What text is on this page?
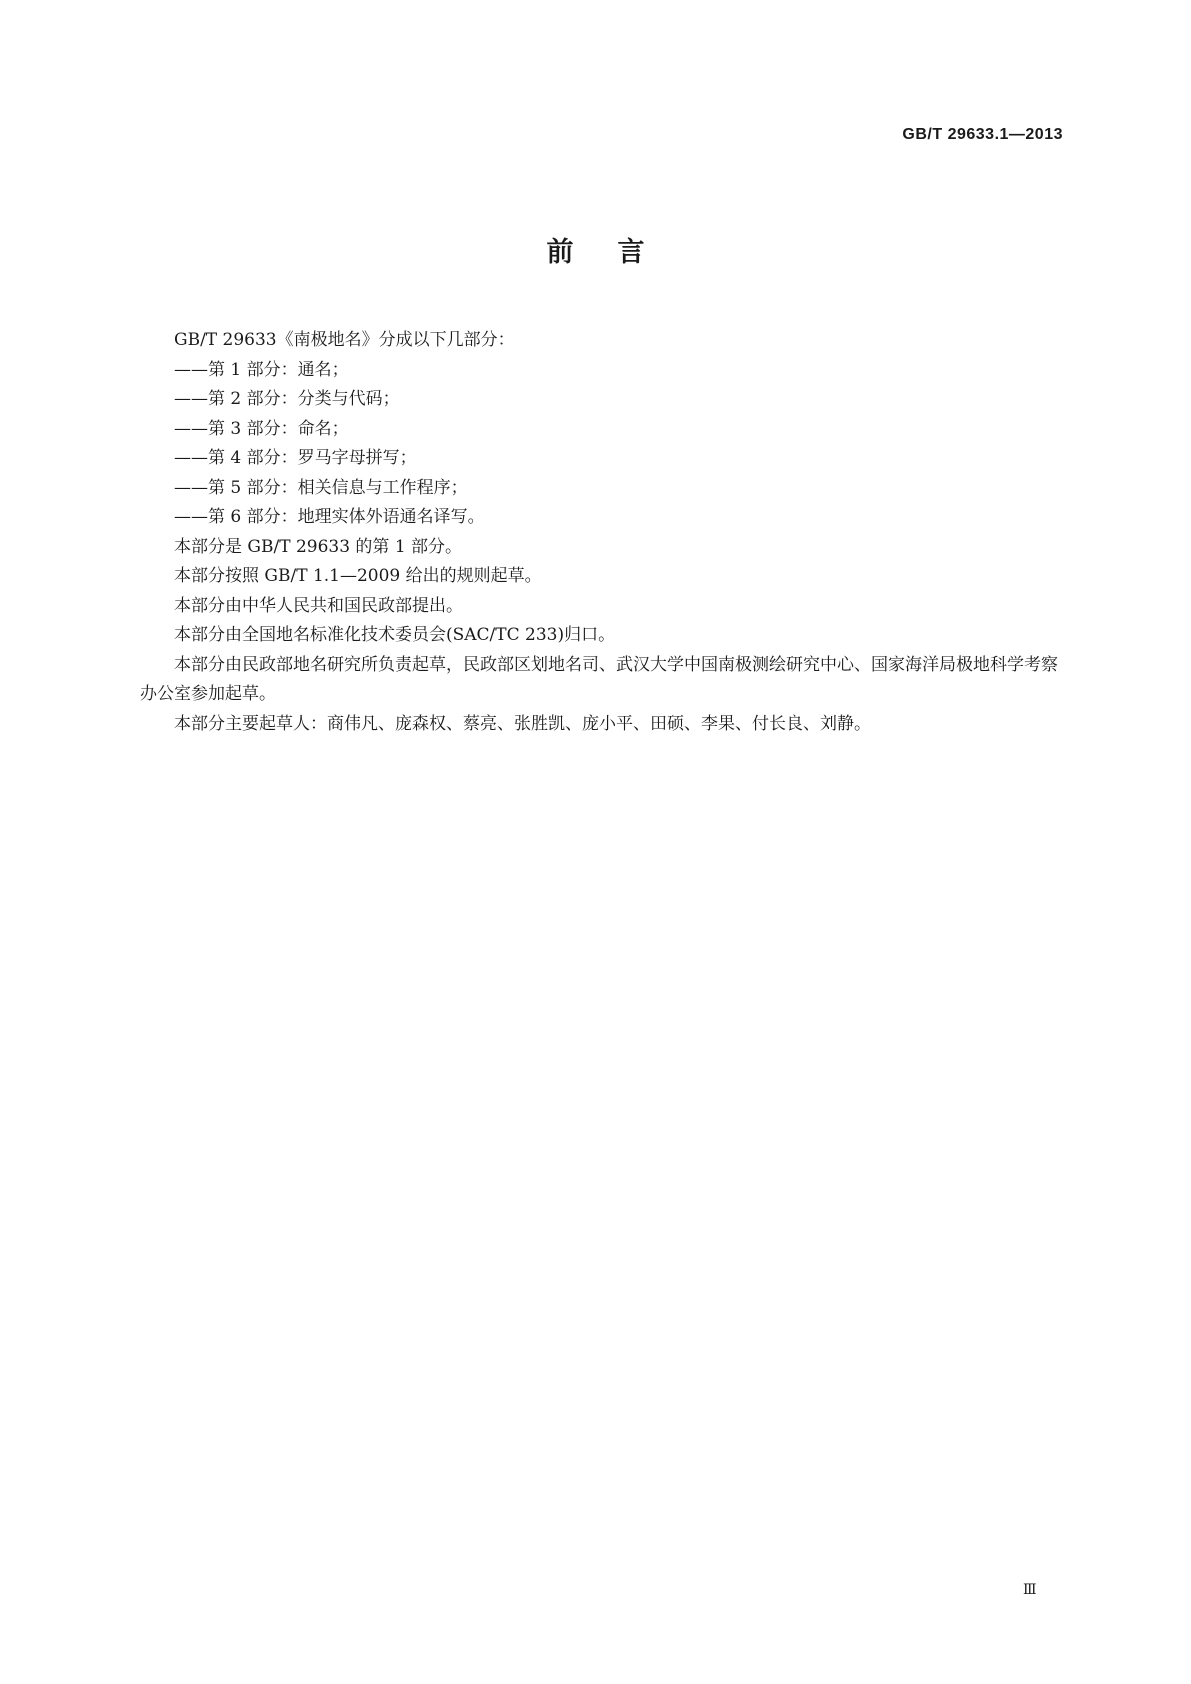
GB/T 29633.1—2013
前言

GB/T 29633《南极地名》分成以下几部分：

——第 1 部分：通名；

——第 2 部分：分类与代码；

——第 3 部分：命名；

——第 4 部分：罗马字母拼写；

——第 5 部分：相关信息与工作程序；

——第 6 部分：地理实体外语通名译写。

本部分是 GB/T 29633 的第 1 部分。

本部分按照 GB/T 1.1—2009 给出的规则起草。

本部分由中华人民共和国民政部提出。

本部分由全国地名标准化技术委员会(SAC/TC 233)归口。

本部分由民政部地名研究所负责起草，民政部区划地名司、武汉大学中国南极测绘研究中心、国家海洋局极地科学考察办公室参加起草。

本部分主要起草人：商伟凡、庞森权、蔡亮、张胜凯、庞小平、田硕、李果、付长良、刘静。

Ⅲ
